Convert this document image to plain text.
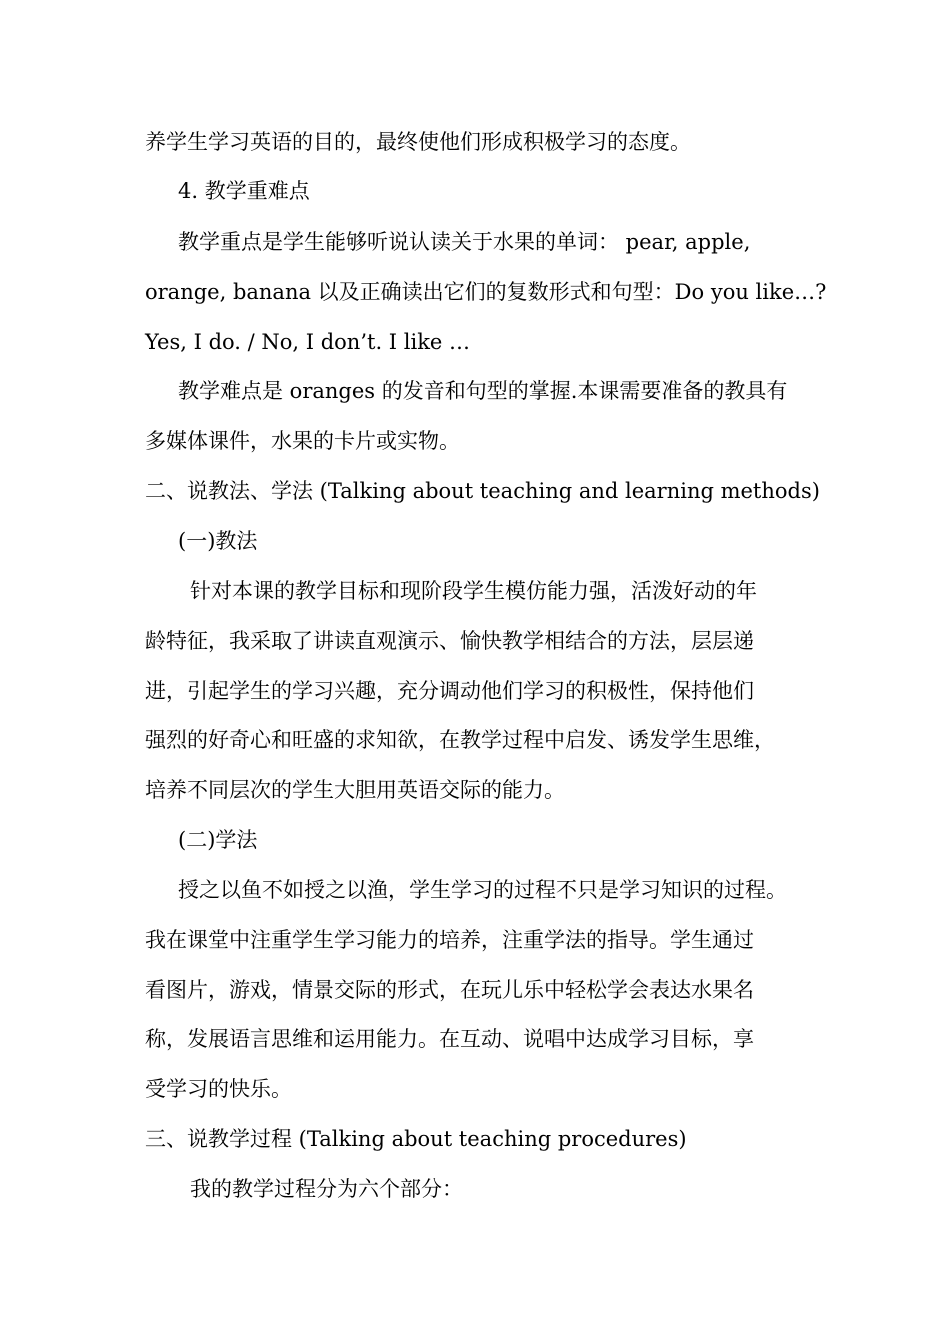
养学生学习英语的目的，最终使他们形成积极学习的态度。
4. 教学重难点
教学重点是学生能够听说认读关于水果的单词： pear, apple,
orange, banana 以及正确读出它们的复数形式和句型：Do you like…?
Yes, I do. / No, I don’t. I like …
教学难点是 oranges 的发音和句型的掌握.本课需要准备的教具有
多媒体课件，水果的卡片或实物。
二、说教法、学法 (Talking about teaching and learning methods)
(一)教法
针对本课的教学目标和现阶段学生模仿能力强，活泼好动的年
龄特征，我采取了讲读直观演示、愉快教学相结合的方法，层层递
进，引起学生的学习兴趣，充分调动他们学习的积极性，保持他们
强烈的好奇心和旺盛的求知欲，在教学过程中启发、诱发学生思维，
培养不同层次的学生大胆用英语交际的能力。
(二)学法
授之以鱼不如授之以渔，学生学习的过程不只是学习知识的过程。
我在课堂中注重学生学习能力的培养，注重学法的指导。学生通过
看图片，游戏，情景交际的形式，在玩儿乐中轻松学会表达水果名
称，发展语言思维和运用能力。在互动、说唱中达成学习目标，享
受学习的快乐。
三、说教学过程 (Talking about teaching procedures)
我的教学过程分为六个部分：
